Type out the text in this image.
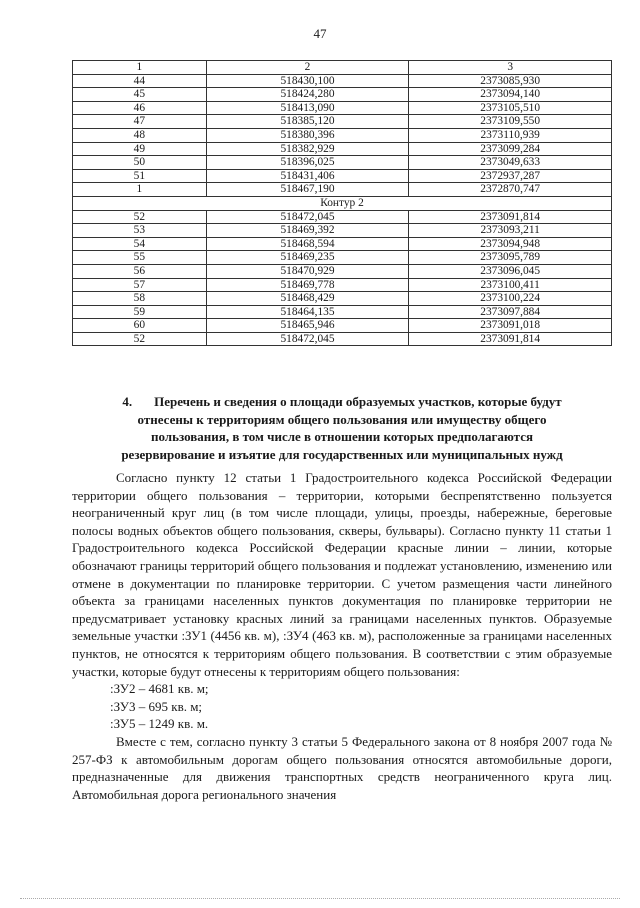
47
1	2	3
44	518430,100	2373085,930
45	518424,280	2373094,140
46	518413,090	2373105,510
47	518385,120	2373109,550
48	518380,396	2373110,939
49	518382,929	2373099,284
50	518396,025	2373049,633
51	518431,406	2372937,287
1	518467,190	2372870,747
Контур 2		
52	518472,045	2373091,814
53	518469,392	2373093,211
54	518468,594	2373094,948
55	518469,235	2373095,789
56	518470,929	2373096,045
57	518469,778	2373100,411
58	518468,429	2373100,224
59	518464,135	2373097,884
60	518465,946	2373091,018
52	518472,045	2373091,814
4. Перечень и сведения о площади образуемых участков, которые будут
отнесены к территориям общего пользования или имуществу общего
пользования, в том числе в отношении которых предполагаются
резервирование и изъятие для государственных или муниципальных нужд

Согласно пункту 12 статьи 1 Градостроительного кодекса Российской Федерации территории общего пользования – территории, которыми беспрепятственно пользуется неограниченный круг лиц (в том числе площади, улицы, проезды, набережные, береговые полосы водных объектов общего пользования, скверы, бульвары). Согласно пункту 11 статьи 1 Градостроительного кодекса Российской Федерации красные линии – линии, которые обозначают границы территорий общего пользования и подлежат установлению, изменению или отмене в документации по планировке территории. С учетом размещения части линейного объекта за границами населенных пунктов документация по планировке территории не предусматривает установку красных линий за границами населенных пунктов. Образуемые земельные участки :ЗУ1 (4456 кв. м), :ЗУ4 (463 кв. м), расположенные за границами населенных пунктов, не относятся к территориям общего пользования. В соответствии с этим образуемые участки, которые будут отнесены к территориям общего пользования:

:ЗУ2 – 4681 кв. м;
:ЗУ3 – 695 кв. м;
:ЗУ5 – 1249 кв. м.

Вместе с тем, согласно пункту 3 статьи 5 Федерального закона от 8 ноября 2007 года № 257-ФЗ к автомобильным дорогам общего пользования относятся автомобильные дороги, предназначенные для движения транспортных средств неограниченного круга лиц. Автомобильная дорога регионального значения
